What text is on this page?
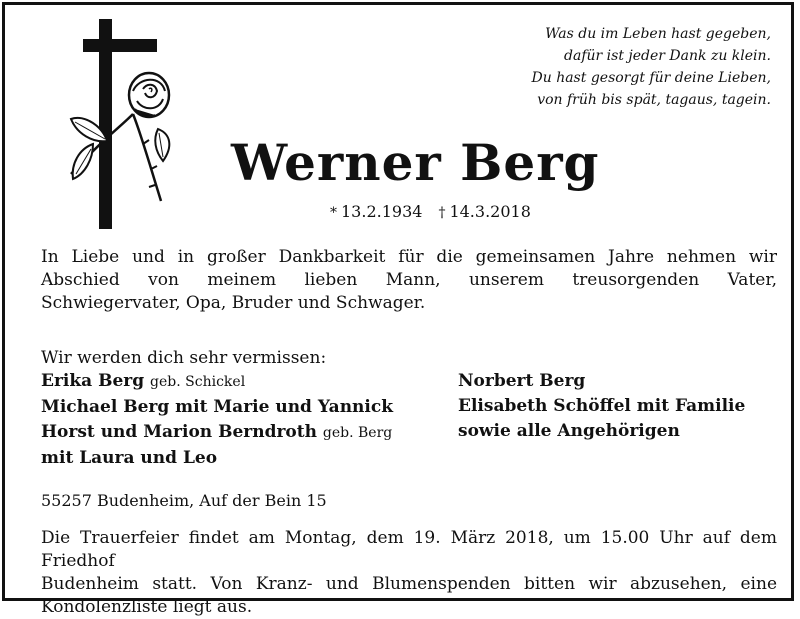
Was du im Leben hast gegeben,
dafür ist jeder Dank zu klein.
Du hast gesorgt für deine Lieben,
von früh bis spät, tagaus, tagein.
Werner Berg
* 13.2.1934 † 14.3.2018
In Liebe und in großer Dankbarkeit für die gemeinsamen Jahre nehmen wir
Abschied von meinem lieben Mann, unserem treusorgenden Vater,
Schwiegervater, Opa, Bruder und Schwager.
Wir werden dich sehr vermissen:
Erika Berg geb. Schickel
Michael Berg mit Marie und Yannick
Horst und Marion Berndroth geb. Berg
mit Laura und Leo
Norbert Berg
Elisabeth Schöffel mit Familie
sowie alle Angehörigen
55257 Budenheim, Auf der Bein 15
Die Trauerfeier findet am Montag, dem 19. März 2018, um 15.00 Uhr auf dem Friedhof
Budenheim statt. Von Kranz- und Blumenspenden bitten wir abzusehen, eine
Kondolenzliste liegt aus.
